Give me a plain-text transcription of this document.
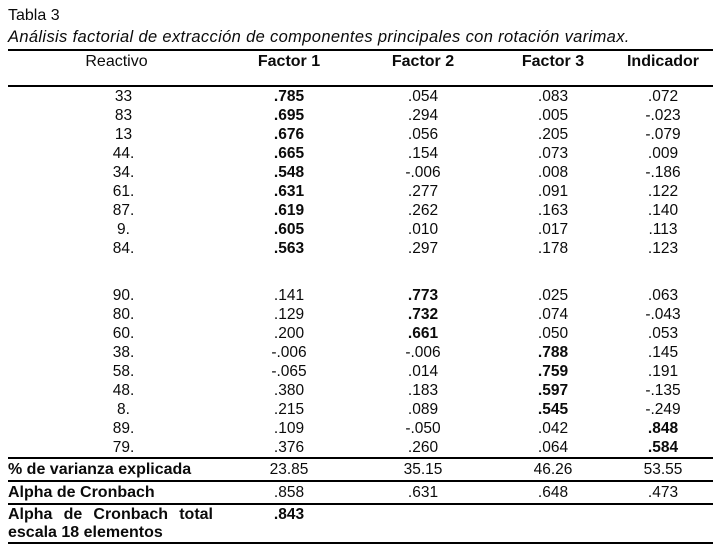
Tabla 3
Análisis factorial de extracción de componentes principales con rotación varimax.
Reactivo	Factor 1	Factor 2	Factor 3	Indicador
33	.785	.054	.083	.072
83	.695	.294	.005	-.023
13	.676	.056	.205	-.079
44.	.665	.154	.073	.009
34.	.548	-.006	.008	-.186
61.	.631	.277	.091	.122
87.	.619	.262	.163	.140
9.	.605	.010	.017	.113
84.	.563	.297	.178	.123

90.	.141	.773	.025	.063
80.	.129	.732	.074	-.043
60.	.200	.661	.050	.053
38.	-.006	-.006	.788	.145
58.	-.065	.014	.759	.191
48.	.380	.183	.597	-.135
8.	.215	.089	.545	-.249
89.	.109	-.050	.042	.848
79.	.376	.260	.064	.584

% de varianza explicada	23.85	35.15	46.26	53.55

Alpha de Cronbach	.858	.631	.648	.473

Alpha de Cronbach total escala 18 elementos	.843			
